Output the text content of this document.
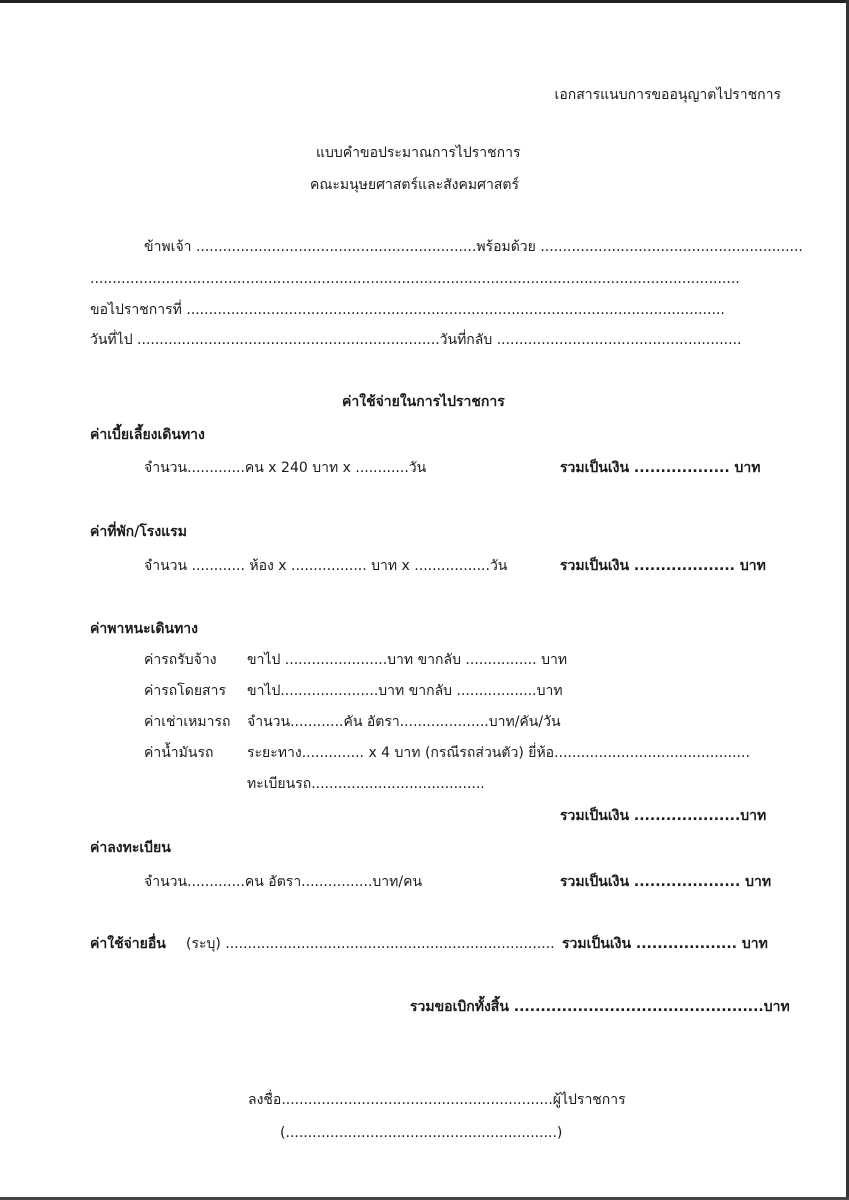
เอกสารแนบการขออนุญาตไปราชการ
แบบคำขอประมาณการไปราชการ
คณะมนุษยศาสตร์และสังคมศาสตร์
ข้าพเจ้า ...............................................................พร้อมด้วย ...........................................................
..................................................................................................................................................
ขอไปราชการที่ .........................................................................................................................
วันที่ไป ....................................................................วันที่กลับ .......................................................
ค่าใช้จ่ายในการไปราชการ
ค่าเบี้ยเลี้ยงเดินทาง
จำนวน.............คน x 240 บาท x ............วัน	รวมเป็นเงิน .................. บาท
ค่าที่พัก/โรงแรม
จำนวน ............ ห้อง x ................. บาท x .................วัน	รวมเป็นเงิน ................... บาท
ค่าพาหนะเดินทาง
ค่ารถรับจ้าง ขาไป .......................บาท ขากลับ ................ บาท
ค่ารถโดยสาร ขาไป......................บาท ขากลับ ..................บาท
ค่าเช่าเหมารถ จำนวน............คัน อัตรา....................บาท/คัน/วัน
ค่าน้ำมันรถ ระยะทาง.............. x 4 บาท (กรณีรถส่วนตัว) ยี่ห้อ............................................
ทะเบียนรถ.......................................
รวมเป็นเงิน ....................บาท
ค่าลงทะเบียน
จำนวน.............คน อัตรา................บาท/คน	รวมเป็นเงิน .................... บาท
ค่าใช้จ่ายอื่น (ระบุ) .......................................................................... รวมเป็นเงิน ................... บาท
รวมขอเบิกทั้งสิ้น ...............................................บาท
ลงชื่อ.............................................................ผู้ไปราชการ
(.............................................................)
